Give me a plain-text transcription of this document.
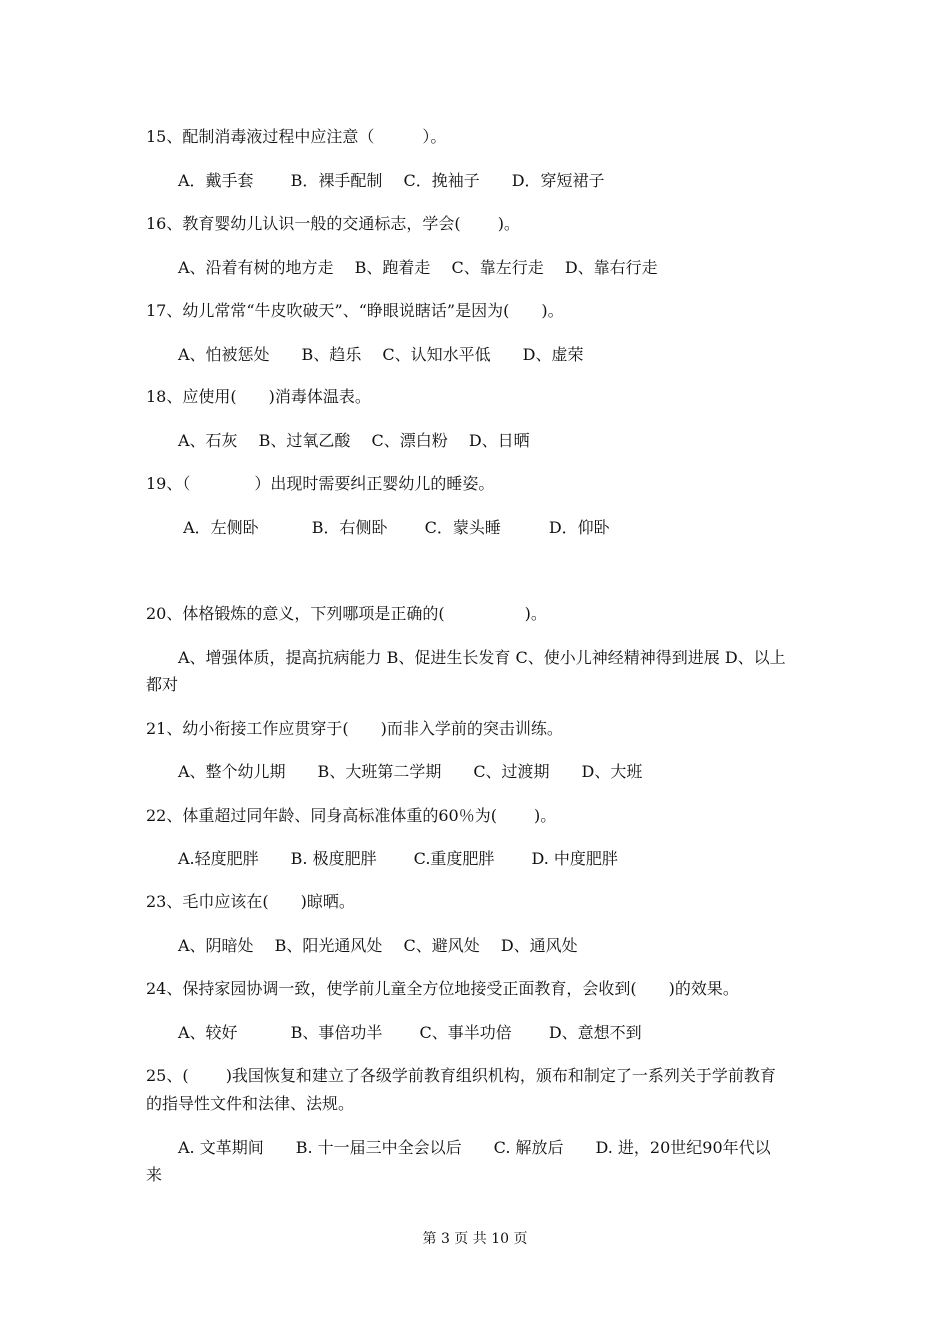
15、配制消毒液过程中应注意（　　　）。
A．戴手套　　 B．裸手配制　 C．挽袖子　　D．穿短裙子
16、教育婴幼儿认识一般的交通标志，学会(　　 )。
A、沿着有树的地方走　 B、跑着走　 C、靠左行走　 D、靠右行走
17、幼儿常常“牛皮吹破天”、“睁眼说瞎话”是因为(　　)。
A、怕被惩处　　B、趋乐　 C、认知水平低　　D、虚荣
18、应使用(　　)消毒体温表。
A、石灰　 B、过氧乙酸　 C、漂白粉　 D、日晒
19、（　　　　）出现时需要纠正婴幼儿的睡姿。
A．左侧卧　　　 B．右侧卧　　 C．蒙头睡　　　D．仰卧
20、体格锻炼的意义，下列哪项是正确的(　　　　　)。
A、增强体质，提高抗病能力 B、促进生长发育 C、使小儿神经精神得到进展 D、以上
都对
21、幼小衔接工作应贯穿于(　　)而非入学前的突击训练。
A、整个幼儿期　　B、大班第二学期　　C、过渡期　　D、大班
22、体重超过同年龄、同身高标准体重的60％为(　　 )。
A.轻度肥胖　　B. 极度肥胖　　 C.重度肥胖　　 D. 中度肥胖
23、毛巾应该在(　　)晾晒。
A、阴暗处　 B、阳光通风处　 C、避风处　 D、通风处
24、保持家园协调一致，使学前儿童全方位地接受正面教育，会收到(　　)的效果。
A、较好　　　 B、事倍功半　　 C、事半功倍　　 D、意想不到
25、(　　 )我国恢复和建立了各级学前教育组织机构，颁布和制定了一系列关于学前教育
的指导性文件和法律、法规。
A. 文革期间　　B. 十一届三中全会以后　　C. 解放后　　D. 进，20世纪90年代以
来
第 3 页 共 10 页
